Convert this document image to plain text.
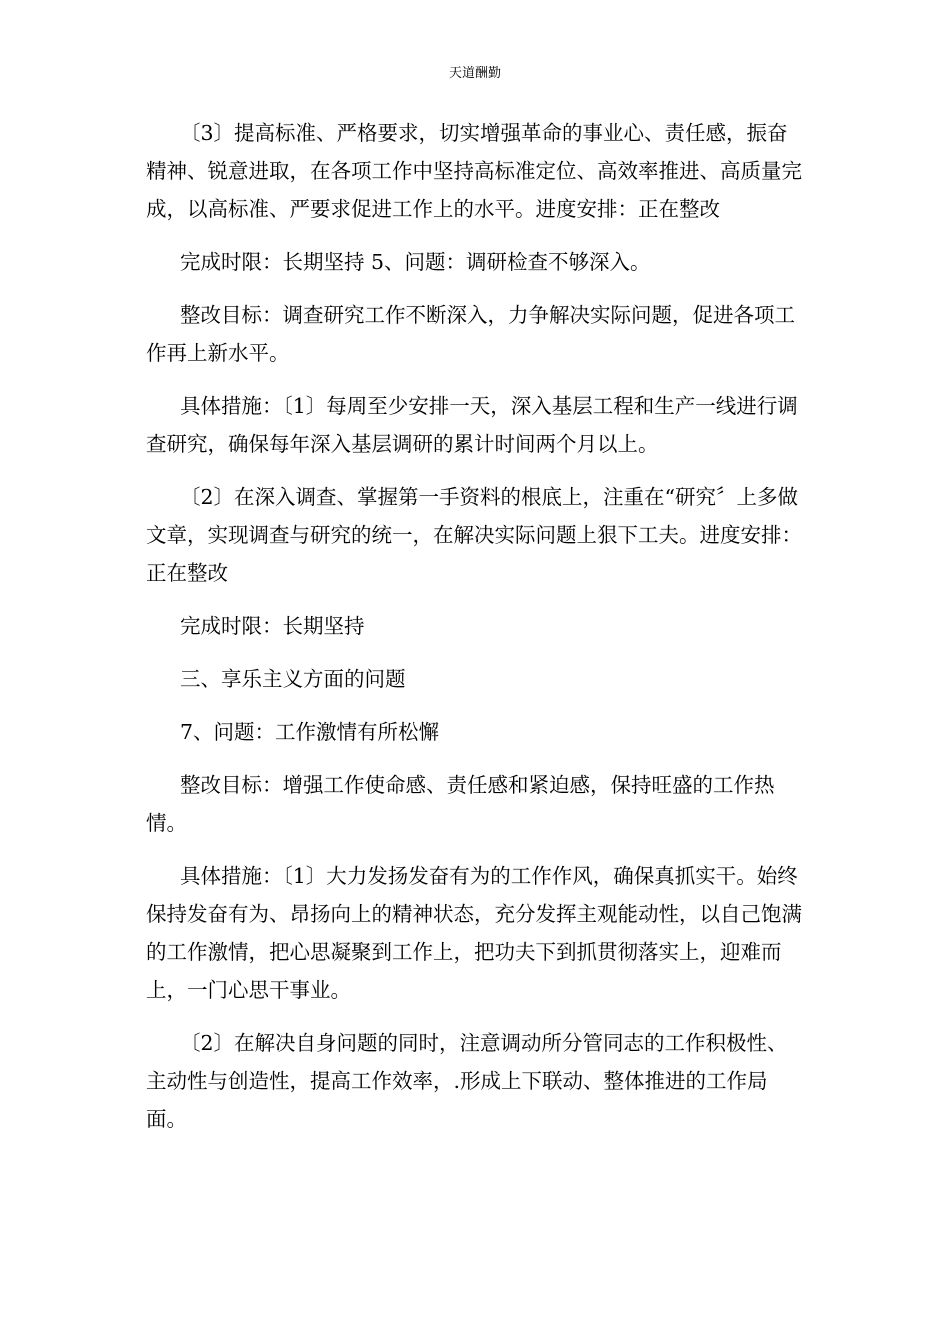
天道酬勤

〔3〕提高标准、严格要求，切实增强革命的事业心、责任感，振奋精神、锐意进取，在各项工作中坚持高标准定位、高效率推进、高质量完成，以高标准、严要求促进工作上的水平。进度安排：正在整改

完成时限：长期坚持 5、问题：调研检查不够深入。

整改目标：调查研究工作不断深入，力争解决实际问题，促进各项工作再上新水平。

具体措施：〔1〕每周至少安排一天，深入基层工程和生产一线进行调查研究，确保每年深入基层调研的累计时间两个月以上。

〔2〕在深入调查、掌握第一手资料的根底上，注重在“研究〞上多做文章，实现调查与研究的统一，在解决实际问题上狠下工夫。进度安排：正在整改

完成时限：长期坚持

三、享乐主义方面的问题

7、问题：工作激情有所松懈

整改目标：增强工作使命感、责任感和紧迫感，保持旺盛的工作热情。

具体措施：〔1〕大力发扬发奋有为的工作作风，确保真抓实干。始终保持发奋有为、昂扬向上的精神状态，充分发挥主观能动性，以自己饱满的工作激情，把心思凝聚到工作上，把功夫下到抓贯彻落实上，迎难而上，一门心思干事业。

〔2〕在解决自身问题的同时，注意调动所分管同志的工作积极性、主动性与创造性，提高工作效率，.形成上下联动、整体推进的工作局面。
